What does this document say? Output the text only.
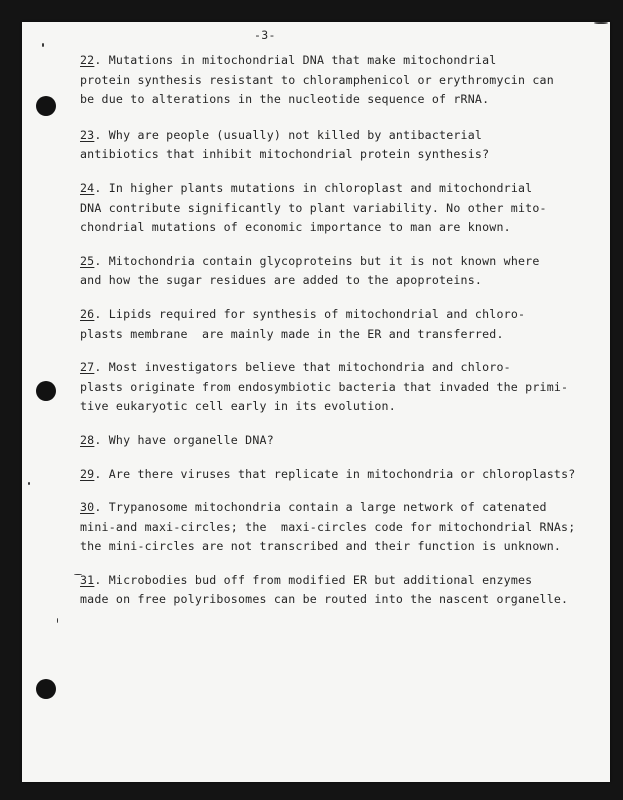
-3-

22. Mutations in mitochondrial DNA that make mitochondrial
protein synthesis resistant to chloramphenicol or erythromycin can
be due to alterations in the nucleotide sequence of rRNA.

23. Why are people (usually) not killed by antibacterial
antibiotics that inhibit mitochondrial protein synthesis?

24. In higher plants mutations in chloroplast and mitochondrial
DNA contribute significantly to plant variability. No other mito-
chondrial mutations of economic importance to man are known.

25. Mitochondria contain glycoproteins but it is not known where
and how the sugar residues are added to the apoproteins.

26. Lipids required for synthesis of mitochondrial and chloro-
plasts membrane  are mainly made in the ER and transferred.

27. Most investigators believe that mitochondria and chloro-
plasts originate from endosymbiotic bacteria that invaded the primi-
tive eukaryotic cell early in its evolution.

28. Why have organelle DNA?

29. Are there viruses that replicate in mitochondria or chloroplasts?

30. Trypanosome mitochondria contain a large network of catenated
mini-and maxi-circles; the  maxi-circles code for mitochondrial RNAs;
the mini-circles are not transcribed and their function is unknown.

31. Microbodies bud off from modified ER but additional enzymes
made on free polyribosomes can be routed into the nascent organelle.
